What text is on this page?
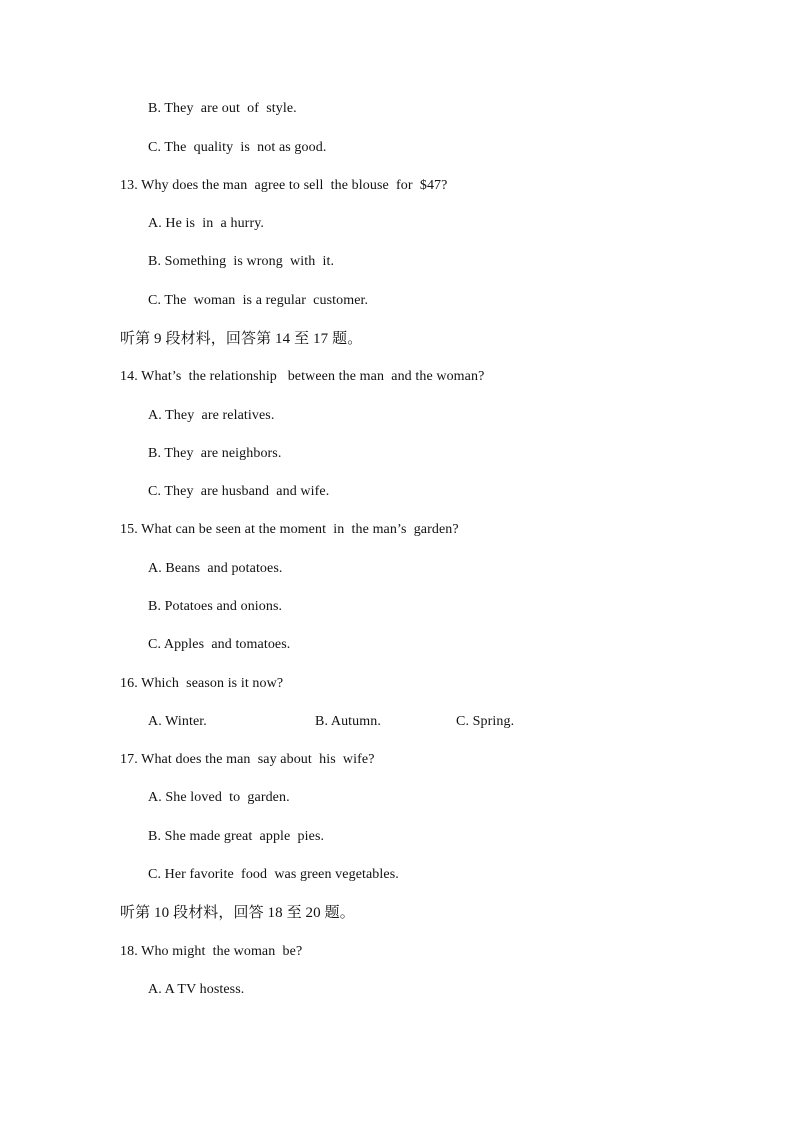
B. They  are out  of  style.
C. The  quality  is  not as good.
13. Why does the man  agree to sell  the blouse  for  $47?
A. He is  in  a hurry.
B. Something  is wrong  with  it.
C. The  woman  is a regular  customer.
听第 9 段材料，回答第 14 至 17 题。
14. What’s  the relationship   between the man  and the woman?
A. They  are relatives.
B. They  are neighbors.
C. They  are husband  and wife.
15. What can be seen at the moment  in  the man’s  garden?
A. Beans  and potatoes.
B. Potatoes and onions.
C. Apples  and tomatoes.
16. Which  season is it now?
A. Winter.	B. Autumn.	C. Spring.
17. What does the man  say about  his  wife?
A. She loved  to  garden.
B. She made great  apple  pies.
C. Her favorite  food  was green vegetables.
听第 10 段材料，回答 18 至 20 题。
18. Who might  the woman  be?
A. A TV hostess.
